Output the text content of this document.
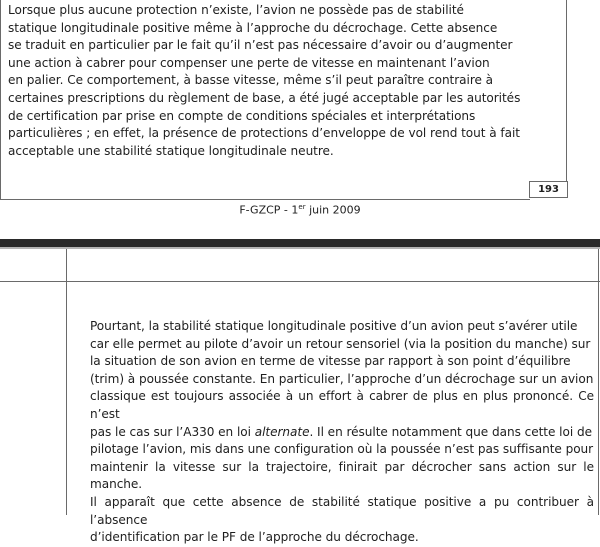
Lorsque plus aucune protection n’existe, l’avion ne possède pas de stabilité
statique longitudinale positive même à l’approche du décrochage. Cette absence
se traduit en particulier par le fait qu’il n’est pas nécessaire d’avoir ou d’augmenter
une action à cabrer pour compenser une perte de vitesse en maintenant l’avion
en palier. Ce comportement, à basse vitesse, même s’il peut paraître contraire à
certaines prescriptions du règlement de base, a été jugé acceptable par les autorités
de certification par prise en compte de conditions spéciales et interprétations
particulières ; en effet, la présence de protections d’enveloppe de vol rend tout à fait
acceptable une stabilité statique longitudinale neutre.
193
F-GZCP - 1er juin 2009
Pourtant, la stabilité statique longitudinale positive d’un avion peut s’avérer utile
car elle permet au pilote d’avoir un retour sensoriel (via la position du manche) sur
la situation de son avion en terme de vitesse par rapport à son point d’équilibre
(trim) à poussée constante. En particulier, l’approche d’un décrochage sur un avion
classique est toujours associée à un effort à cabrer de plus en plus prononcé. Ce n’est
pas le cas sur l’A330 en loi alternate. Il en résulte notamment que dans cette loi de
pilotage l’avion, mis dans une configuration où la poussée n’est pas suffisante pour
maintenir la vitesse sur la trajectoire, finirait par décrocher sans action sur le manche.
Il apparaît que cette absence de stabilité statique positive a pu contribuer à l’absence
d’identification par le PF de l’approche du décrochage.
